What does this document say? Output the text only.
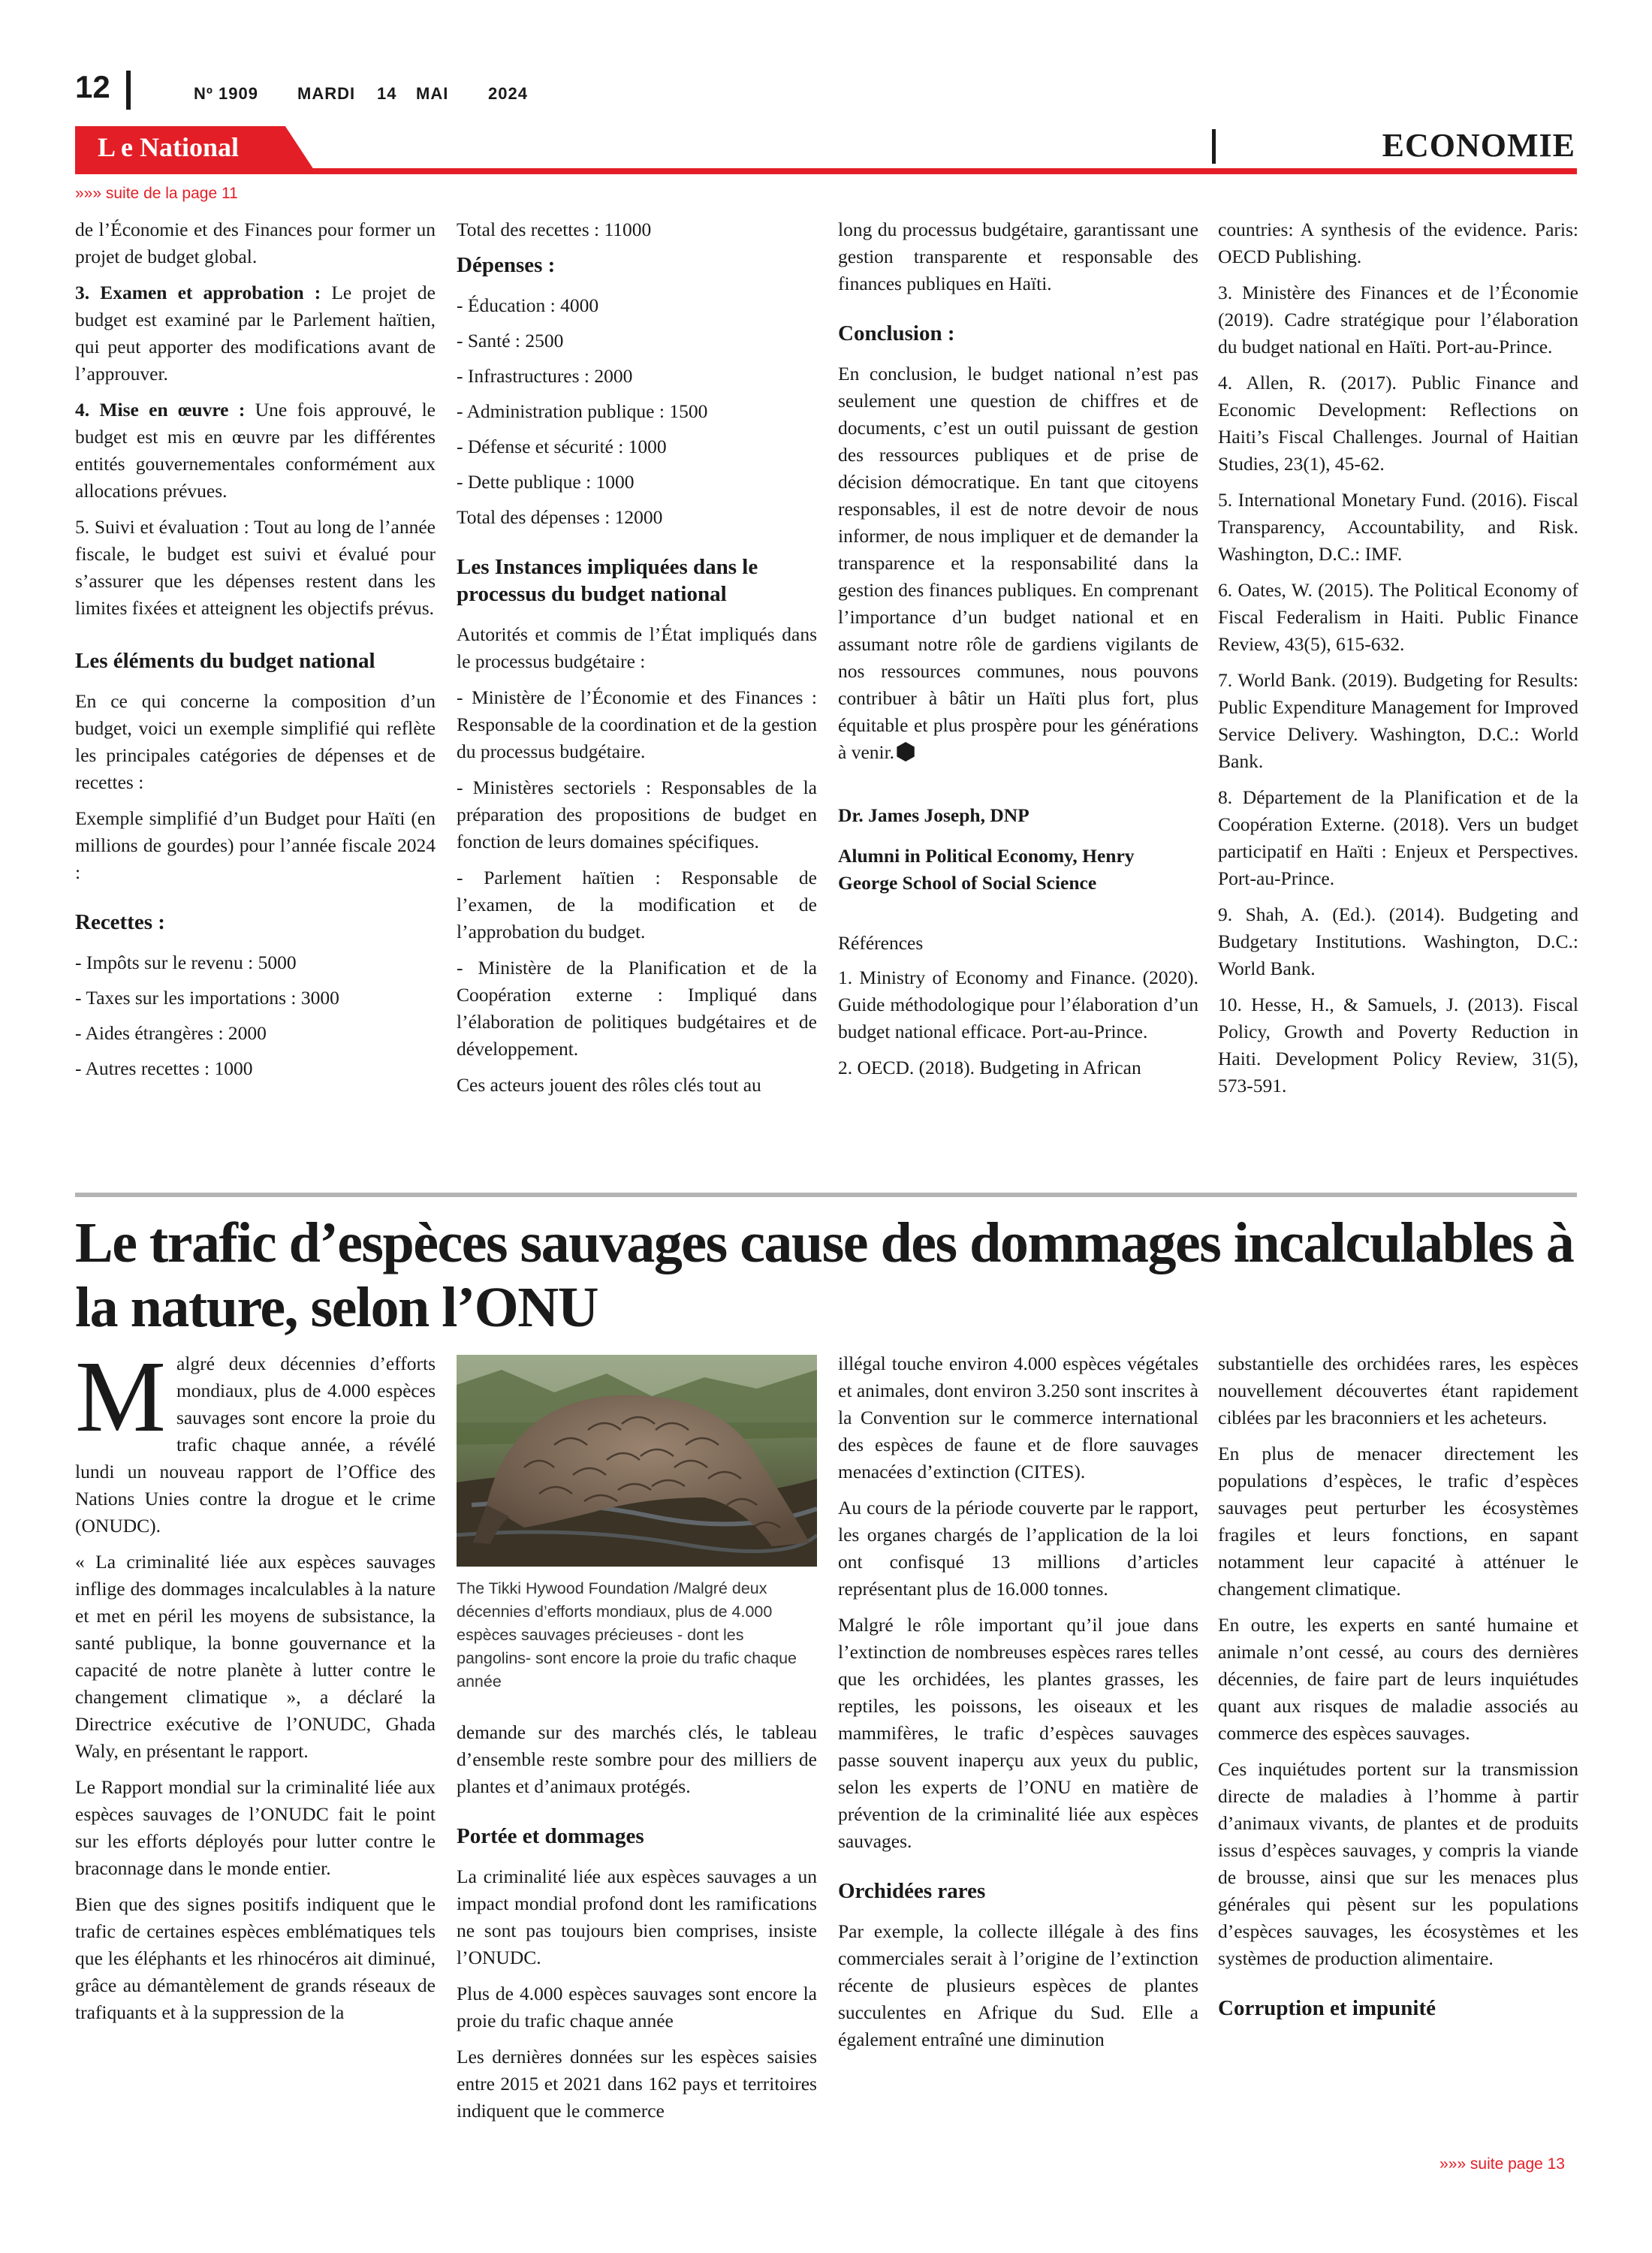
12	Nº 1909 MARDI 14 MAI 2024
L e National	ECONOMIE
»»» suite de la page 11

de l’Économie et des Finances pour former un projet de budget global.

3. Examen et approbation : Le projet de budget est examiné par le Parlement haïtien, qui peut apporter des modifications avant de l’approuver.

4. Mise en œuvre : Une fois approuvé, le budget est mis en œuvre par les différentes entités gouvernementales conformément aux allocations prévues.

5. Suivi et évaluation : Tout au long de l’année fiscale, le budget est suivi et évalué pour s’assurer que les dépenses restent dans les limites fixées et atteignent les objectifs prévus.

Les éléments du budget national

En ce qui concerne la composition d’un budget, voici un exemple simplifié qui reflète les principales catégories de dépenses et de recettes :

Exemple simplifié d’un Budget pour Haïti (en millions de gourdes) pour l’année fiscale 2024 :

Recettes :

- Impôts sur le revenu : 5000

- Taxes sur les importations : 3000

- Aides étrangères : 2000

- Autres recettes : 1000

Total des recettes : 11000

Dépenses :

- Éducation : 4000

- Santé : 2500

- Infrastructures : 2000

- Administration publique : 1500

- Défense et sécurité : 1000

- Dette publique : 1000

Total des dépenses : 12000

Les Instances impliquées dans le processus du budget national

Autorités et commis de l’État impliqués dans le processus budgétaire :

- Ministère de l’Économie et des Finances : Responsable de la coordination et de la gestion du processus budgétaire.

- Ministères sectoriels : Responsables de la préparation des propositions de budget en fonction de leurs domaines spécifiques.

- Parlement haïtien : Responsable de l’examen, de la modification et de l’approbation du budget.

- Ministère de la Planification et de la Coopération externe : Impliqué dans l’élaboration de politiques budgétaires et de développement.

Ces acteurs jouent des rôles clés tout au

long du processus budgétaire, garantissant une gestion transparente et responsable des finances publiques en Haïti.

Conclusion :

En conclusion, le budget national n’est pas seulement une question de chiffres et de documents, c’est un outil puissant de gestion des ressources publiques et de prise de décision démocratique. En tant que citoyens responsables, il est de notre devoir de nous informer, de nous impliquer et de demander la transparence et la responsabilité dans la gestion des finances publiques. En comprenant l’importance d’un budget national et en assumant notre rôle de gardiens vigilants de nos ressources communes, nous pouvons contribuer à bâtir un Haïti plus fort, plus équitable et plus prospère pour les générations à venir.

Dr. James Joseph, DNP

Alumni in Political Economy, Henry George School of Social Science

Références

1. Ministry of Economy and Finance. (2020). Guide méthodologique pour l’élaboration d’un budget national efficace. Port-au-Prince.

2. OECD. (2018). Budgeting in African

countries: A synthesis of the evidence. Paris: OECD Publishing.

3. Ministère des Finances et de l’Économie (2019). Cadre stratégique pour l’élaboration du budget national en Haïti. Port-au-Prince.

4. Allen, R. (2017). Public Finance and Economic Development: Reflections on Haiti’s Fiscal Challenges. Journal of Haitian Studies, 23(1), 45-62.

5. International Monetary Fund. (2016). Fiscal Transparency, Accountability, and Risk. Washington, D.C.: IMF.

6. Oates, W. (2015). The Political Economy of Fiscal Federalism in Haiti. Public Finance Review, 43(5), 615-632.

7. World Bank. (2019). Budgeting for Results: Public Expenditure Management for Improved Service Delivery. Washington, D.C.: World Bank.

8. Département de la Planification et de la Coopération Externe. (2018). Vers un budget participatif en Haïti : Enjeux et Perspectives. Port-au-Prince.

9. Shah, A. (Ed.). (2014). Budgeting and Budgetary Institutions. Washington, D.C.: World Bank.

10. Hesse, H., & Samuels, J. (2013). Fiscal Policy, Growth and Poverty Reduction in Haiti. Development Policy Review, 31(5), 573-591.

Le trafic d’espèces sauvages cause des dommages incalculables à la nature, selon l’ONU

Malgré deux décennies d’efforts mondiaux, plus de 4.000 espèces sauvages sont encore la proie du trafic chaque année, a révélé lundi un nouveau rapport de l’Office des Nations Unies contre la drogue et le crime (ONUDC).

« La criminalité liée aux espèces sauvages inflige des dommages incalculables à la nature et met en péril les moyens de subsistance, la santé publique, la bonne gouvernance et la capacité de notre planète à lutter contre le changement climatique », a déclaré la Directrice exécutive de l’ONUDC, Ghada Waly, en présentant le rapport.

Le Rapport mondial sur la criminalité liée aux espèces sauvages de l’ONUDC fait le point sur les efforts déployés pour lutter contre le braconnage dans le monde entier.

Bien que des signes positifs indiquent que le trafic de certaines espèces emblématiques tels que les éléphants et les rhinocéros ait diminué, grâce au démantèlement de grands réseaux de trafiquants et à la suppression de la

The Tikki Hywood Foundation /Malgré deux décennies d’efforts mondiaux, plus de 4.000 espèces sauvages précieuses - dont les pangolins- sont encore la proie du trafic chaque année

demande sur des marchés clés, le tableau d’ensemble reste sombre pour des milliers de plantes et d’animaux protégés.

Portée et dommages

La criminalité liée aux espèces sauvages a un impact mondial profond dont les ramifications ne sont pas toujours bien comprises, insiste l’ONUDC.

Plus de 4.000 espèces sauvages sont encore la proie du trafic chaque année

Les dernières données sur les espèces saisies entre 2015 et 2021 dans 162 pays et territoires indiquent que le commerce

illégal touche environ 4.000 espèces végétales et animales, dont environ 3.250 sont inscrites à la Convention sur le commerce international des espèces de faune et de flore sauvages menacées d’extinction (CITES).

Au cours de la période couverte par le rapport, les organes chargés de l’application de la loi ont confisqué 13 millions d’articles représentant plus de 16.000 tonnes.

Malgré le rôle important qu’il joue dans l’extinction de nombreuses espèces rares telles que les orchidées, les plantes grasses, les reptiles, les poissons, les oiseaux et les mammifères, le trafic d’espèces sauvages passe souvent inaperçu aux yeux du public, selon les experts de l’ONU en matière de prévention de la criminalité liée aux espèces sauvages.

Orchidées rares

Par exemple, la collecte illégale à des fins commerciales serait à l’origine de l’extinction récente de plusieurs espèces de plantes succulentes en Afrique du Sud. Elle a également entraîné une diminution

substantielle des orchidées rares, les espèces nouvellement découvertes étant rapidement ciblées par les braconniers et les acheteurs.

En plus de menacer directement les populations d’espèces, le trafic d’espèces sauvages peut perturber les écosystèmes fragiles et leurs fonctions, en sapant notamment leur capacité à atténuer le changement climatique.

En outre, les experts en santé humaine et animale n’ont cessé, au cours des dernières décennies, de faire part de leurs inquiétudes quant aux risques de maladie associés au commerce des espèces sauvages.

Ces inquiétudes portent sur la transmission directe de maladies à l’homme à partir d’animaux vivants, de plantes et de produits issus d’espèces sauvages, y compris la viande de brousse, ainsi que sur les menaces plus générales qui pèsent sur les populations d’espèces sauvages, les écosystèmes et les systèmes de production alimentaire.

Corruption et impunité
»»» suite page 13
